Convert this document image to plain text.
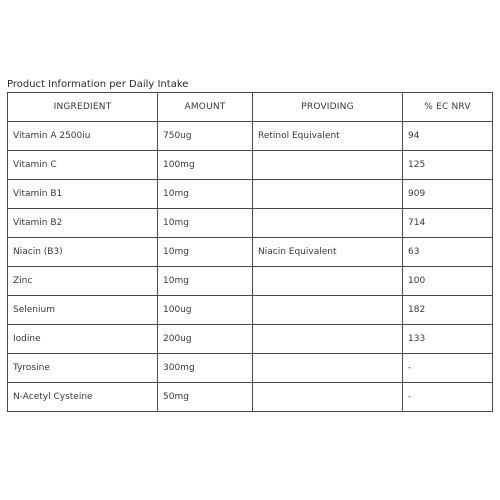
Product Information per Daily Intake
INGREDIENT	AMOUNT	PROVIDING	% EC NRV
Vitamin A 2500iu	750ug	Retinol Equivalent	94
Vitamin C	100mg		125
Vitamin B1	10mg		909
Vitamin B2	10mg		714
Niacin (B3)	10mg	Niacin Equivalent	63
Zinc	10mg		100
Selenium	100ug		182
Iodine	200ug		133
Tyrosine	300mg		-
N-Acetyl Cysteine	50mg		-
